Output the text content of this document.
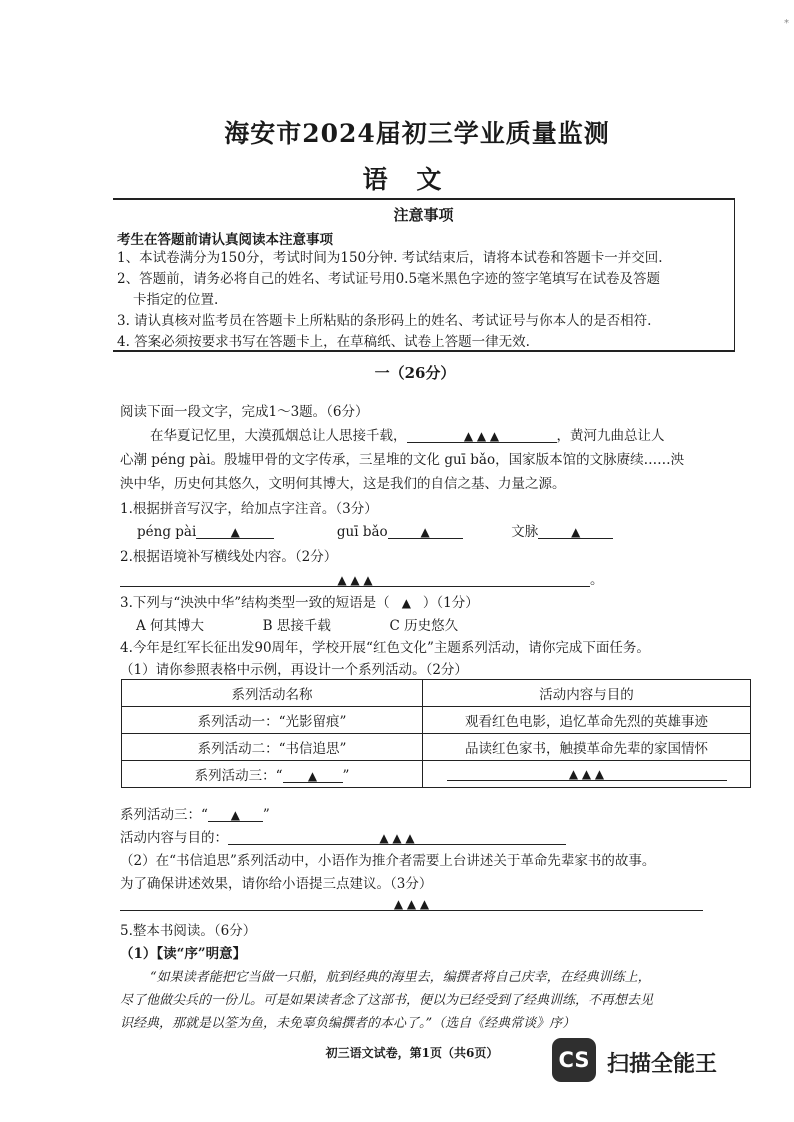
*
海安市2024届初三学业质量监测
语 文
注意事项
考生在答题前请认真阅读本注意事项
1、本试卷满分为150分，考试时间为150分钟. 考试结束后，请将本试卷和答题卡一并交回.
2、答题前，请务必将自己的姓名、考试证号用0.5毫米黑色字迹的签字笔填写在试卷及答题
卡指定的位置.
3. 请认真核对监考员在答题卡上所粘贴的条形码上的姓名、考试证号与你本人的是否相符.
4. 答案必须按要求书写在答题卡上，在草稿纸、试卷上答题一律无效.
一（26分）
阅读下面一段文字，完成1～3题。（6分）
在华夏记忆里，大漠孤烟总让人思接千载，	▲ ▲ ▲	，黄河九曲总让人
心潮 péng pài。殷墟甲骨的文字传承，三星堆的文化 guī bǎo，国家版本馆的文脉赓续……泱
泱中华，历史何其悠久，文明何其博大，这是我们的自信之基、力量之源。
1.根据拼音写汉字，给加点字注音。（3分）
péng pài	▲	guī bǎo	▲	文脉	▲
2.根据语境补写横线处内容。（2分）
▲ ▲ ▲	。
3.下列与“泱泱中华”结构类型一致的短语是（ ▲ ）（1分）
A 何其博大	B 思接千载	C 历史悠久
4.今年是红军长征出发90周年，学校开展“红色文化”主题系列活动，请你完成下面任务。
（1）请你参照表格中示例，再设计一个系列活动。（2分）
系列活动名称	活动内容与目的
系列活动一：“光影留痕”	观看红色电影，追忆革命先烈的英雄事迹
系列活动二：“书信追思”	品读红色家书，触摸革命先辈的家国情怀
系列活动三：“ ▲ ”	▲ ▲ ▲
系列活动三：“ ▲ ”
活动内容与目的：	▲ ▲ ▲
（2）在“书信追思”系列活动中，小语作为推介者需要上台讲述关于革命先辈家书的故事。
为了确保讲述效果，请你给小语提三点建议。（3分）
▲ ▲ ▲
5.整本书阅读。（6分）
（1）【读“序”明意】
“如果读者能把它当做一只船，航到经典的海里去，编撰者将自己庆幸，在经典训练上，
尽了他做尖兵的一份儿。可是如果读者念了这部书，便以为已经受到了经典训练，不再想去见
识经典，那就是以筌为鱼，未免辜负编撰者的本心了。”（选自《经典常谈》序）
初三语文试卷，第1页（共6页）	CS 扫描全能王
